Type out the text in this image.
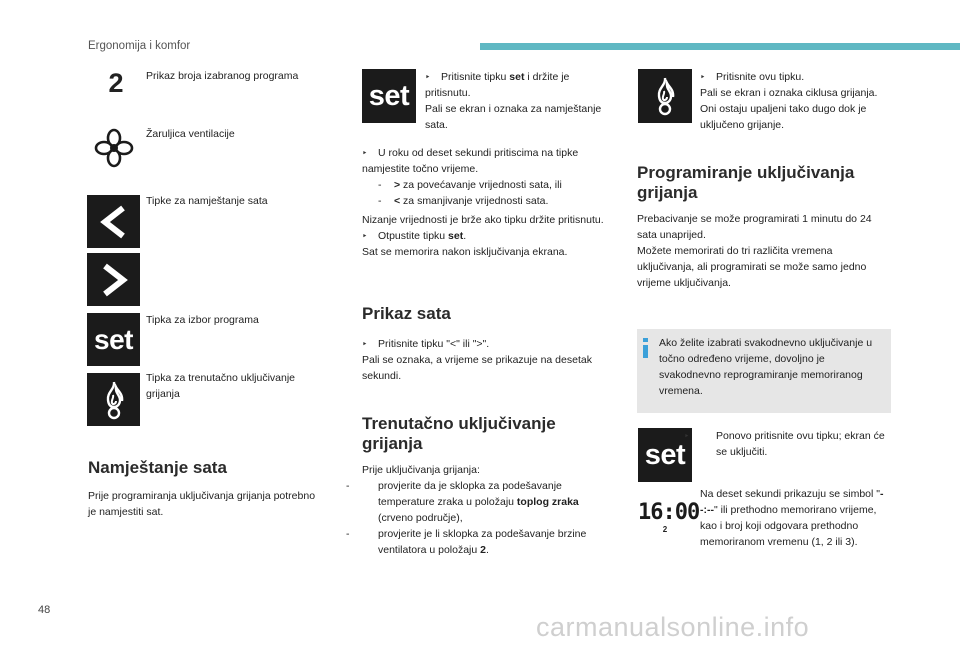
Ergonomija i komfor
2	Prikaz broja izabranog programa
Žaruljica ventilacije
Tipke za namještanje sata
set
Tipka za izbor programa
Tipka za trenutačno uključivanje grijanja
Namještanje sata
Prije programiranja uključivanja grijanja potrebno je namjestiti sat.
set
‣ Pritisnite tipku set i držite je pritisnutu.
Pali se ekran i oznaka za namještanje sata.
‣ U roku od deset sekundi pritiscima na tipke namjestite točno vrijeme.
- > za povećavanje vrijednosti sata, ili
- < za smanjivanje vrijednosti sata.
Nizanje vrijednosti je brže ako tipku držite pritisnutu.
‣ Otpustite tipku set.
Sat se memorira nakon isključivanja ekrana.
Prikaz sata
‣ Pritisnite tipku "<" ili ">".
Pali se oznaka, a vrijeme se prikazuje na desetak sekundi.
Trenutačno uključivanje
grijanja
Prije uključivanja grijanja:
-	provjerite da je sklopka za podešavanje temperature zraka u položaju toplog zraka (crveno područje),
-	provjerite je li sklopka za podešavanje brzine ventilatora u položaju 2.
‣ Pritisnite ovu tipku.
Pali se ekran i oznaka ciklusa grijanja. Oni ostaju upaljeni tako dugo dok je uključeno grijanje.
Programiranje uključivanja
grijanja
Prebacivanje se može programirati 1 minutu do 24 sata unaprijed.
Možete memorirati do tri različita vremena uključivanja, ali programirati se može samo jedno vrijeme uključivanja.
Ako želite izabrati svakodnevno uključivanje u točno određeno vrijeme, dovoljno je svakodnevno reprogramiranje memoriranog vremena.
set
‣	Ponovo pritisnite ovu tipku; ekran će se uključiti.
16:00
2
Na deset sekundi prikazuju se simbol "--:--" ili prethodno memorirano vrijeme, kao i broj koji odgovara prethodno memoriranom vremenu (1, 2 ili 3).
48
carmanualsonline.info
